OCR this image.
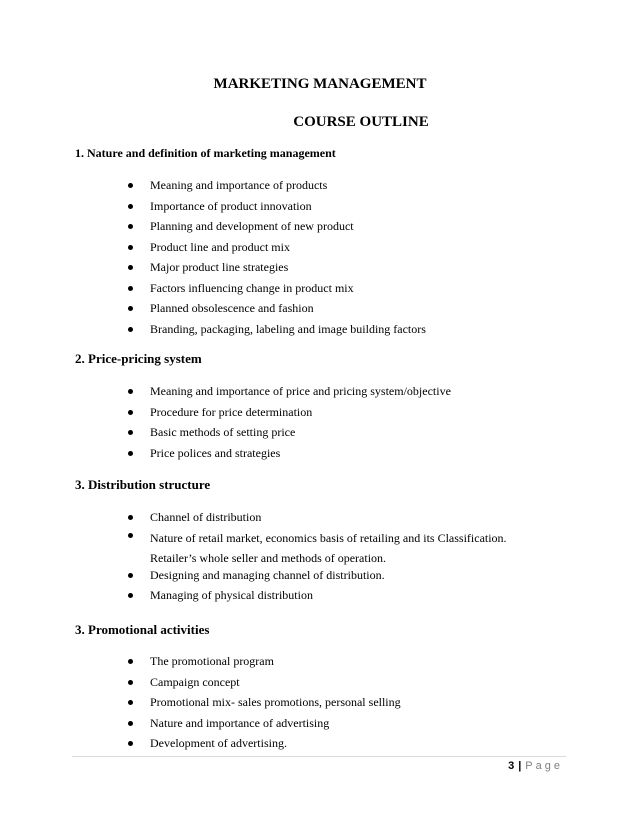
MARKETING MANAGEMENT
COURSE OUTLINE
1. Nature and definition of marketing management
Meaning and importance of products
Importance of product innovation
Planning and development of new product
Product line and product mix
Major product line strategies
Factors influencing change in product mix
Planned obsolescence and fashion
Branding, packaging, labeling and image building factors
2. Price-pricing system
Meaning and importance of price and pricing system/objective
Procedure for price determination
Basic methods of setting price
Price polices and strategies
3. Distribution structure
Channel of distribution
Nature of retail market, economics basis of retailing and its Classification. Retailer’s whole seller and methods of operation.
Designing and managing channel of distribution.
Managing of physical distribution
3. Promotional activities
The promotional program
Campaign concept
Promotional mix- sales promotions, personal selling
Nature and importance of advertising
Development of advertising.
3 | Page
